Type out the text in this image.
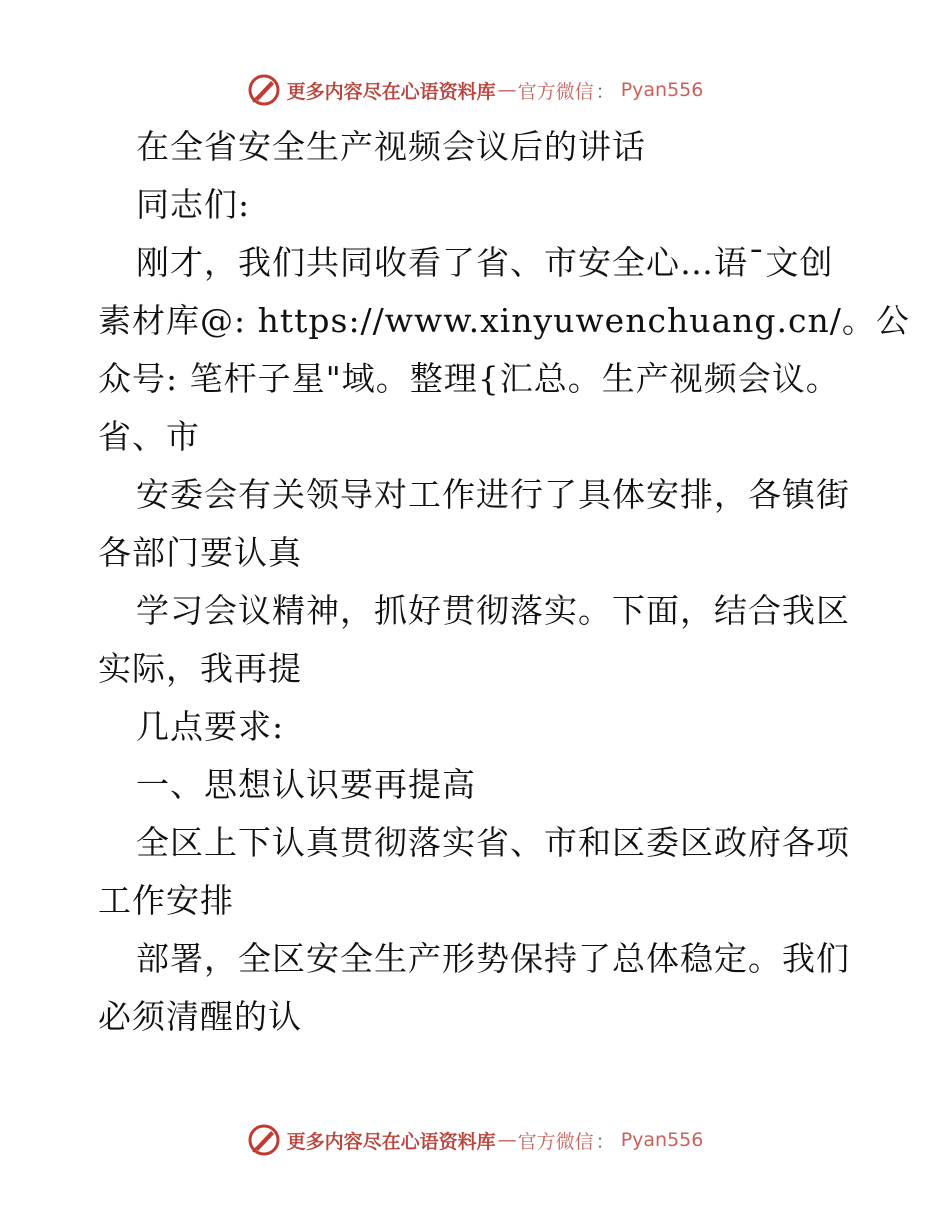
更多内容尽在心语资料库 — 官方微信 ： Pyan556

在全省安全生产视频会议后的讲话

同志们:

刚才，我们共同收看了省、市安全心…语¯文创

素材库@: https://www.xinyuwenchuang.cn/。公

众号: 笔杆子星"域。整理{汇总。生产视频会议。

省、市

安委会有关领导对工作进行了具体安排，各镇街

各部门要认真

学习会议精神，抓好贯彻落实。下面，结合我区

实际，我再提

几点要求:

一、思想认识要再提高

全区上下认真贯彻落实省、市和区委区政府各项

工作安排

部署，全区安全生产形势保持了总体稳定。我们

必须清醒的认

更多内容尽在心语资料库 — 官方微信 ： Pyan556
